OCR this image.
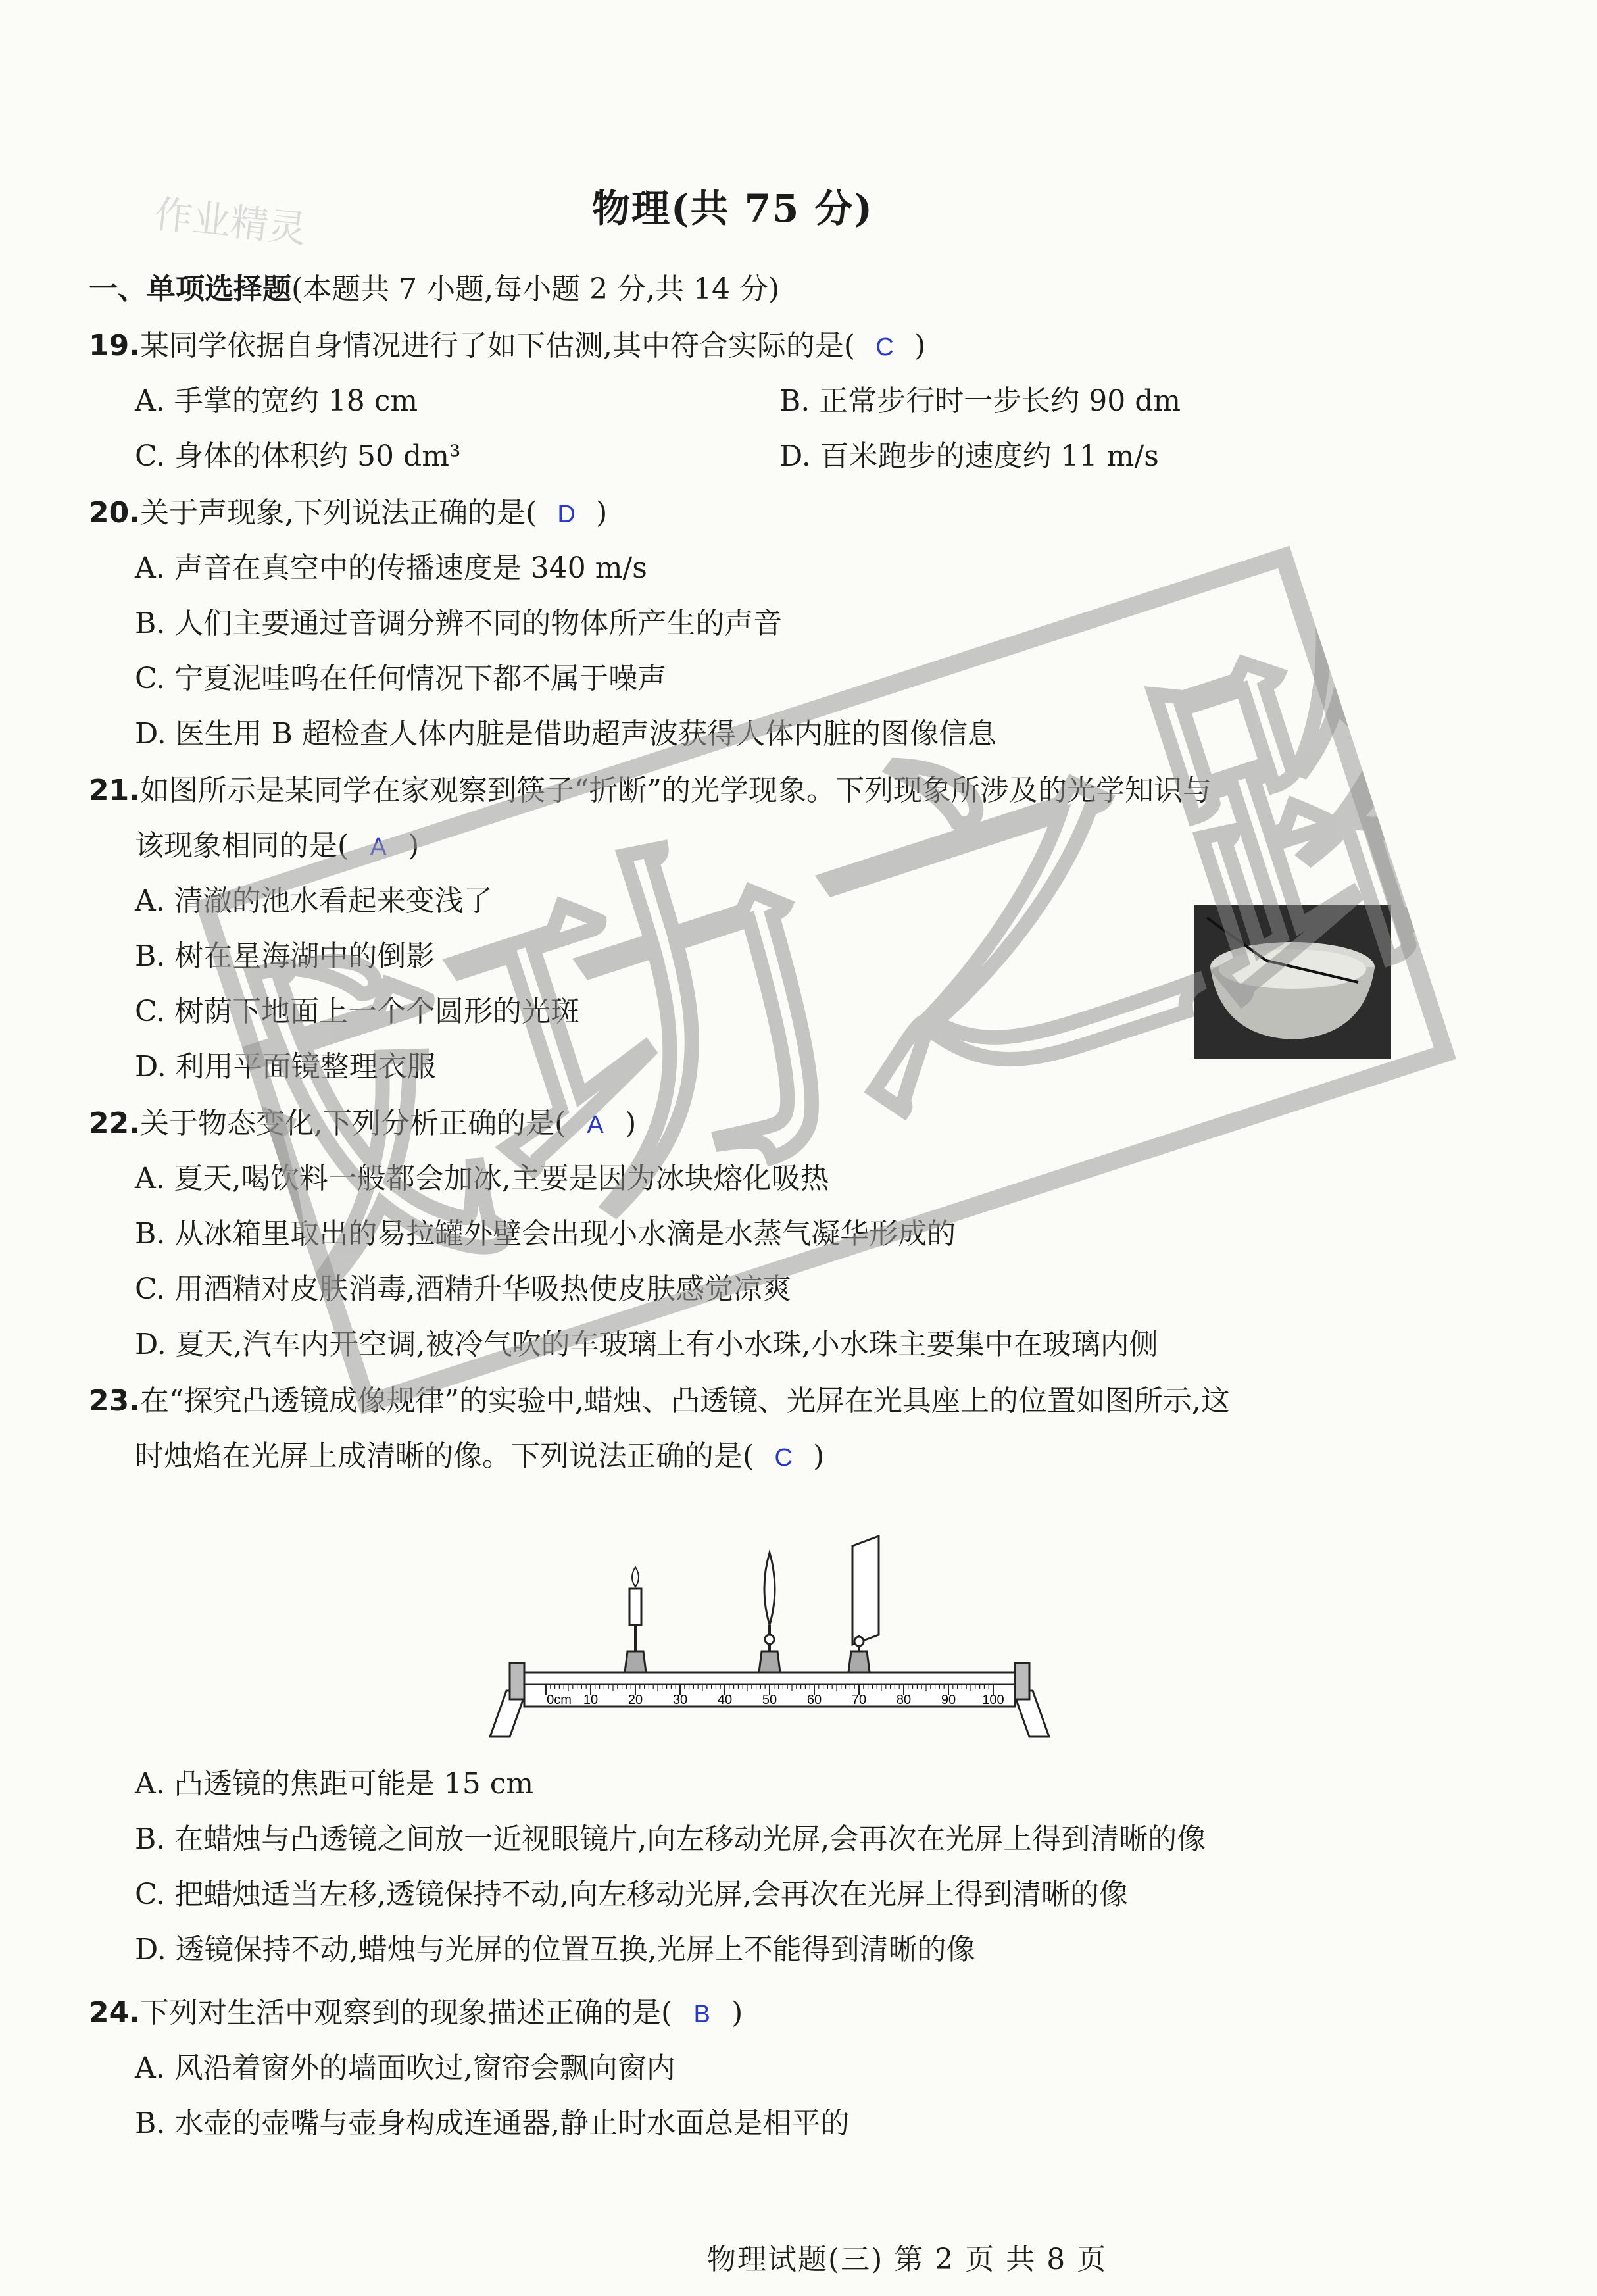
作业精灵	物理(共 75 分)
一、单项选择题(本题共 7 小题,每小题 2 分,共 14 分)
19.某同学依据自身情况进行了如下估测,其中符合实际的是( C )
A. 手掌的宽约 18 cm	B. 正常步行时一步长约 90 dm
C. 身体的体积约 50 dm³	D. 百米跑步的速度约 11 m/s
20.关于声现象,下列说法正确的是( D )
A. 声音在真空中的传播速度是 340 m/s
B. 人们主要通过音调分辨不同的物体所产生的声音
C. 宁夏泥哇呜在任何情况下都不属于噪声
D. 医生用 B 超检查人体内脏是借助超声波获得人体内脏的图像信息
21.如图所示是某同学在家观察到筷子“折断”的光学现象。下列现象所涉及的光学知识与
该现象相同的是( A )
A. 清澈的池水看起来变浅了
B. 树在星海湖中的倒影
C. 树荫下地面上一个个圆形的光斑
D. 利用平面镜整理衣服
22.关于物态变化,下列分析正确的是( A )
A. 夏天,喝饮料一般都会加冰,主要是因为冰块熔化吸热
B. 从冰箱里取出的易拉罐外壁会出现小水滴是水蒸气凝华形成的
C. 用酒精对皮肤消毒,酒精升华吸热使皮肤感觉凉爽
D. 夏天,汽车内开空调,被冷气吹的车玻璃上有小水珠,小水珠主要集中在玻璃内侧
23.在“探究凸透镜成像规律”的实验中,蜡烛、凸透镜、光屏在光具座上的位置如图所示,这
时烛焰在光屏上成清晰的像。下列说法正确的是( C )
0cm 10 20 30 40 50 60 70 80 90 100
A. 凸透镜的焦距可能是 15 cm
B. 在蜡烛与凸透镜之间放一近视眼镜片,向左移动光屏,会再次在光屏上得到清晰的像
C. 把蜡烛适当左移,透镜保持不动,向左移动光屏,会再次在光屏上得到清晰的像
D. 透镜保持不动,蜡烛与光屏的位置互换,光屏上不能得到清晰的像
24.下列对生活中观察到的现象描述正确的是( B )
A. 风沿着窗外的墙面吹过,窗帘会飘向窗内
B. 水壶的壶嘴与壶身构成连通器,静止时水面总是相平的
成功之路
物理试题(三) 第 2 页 共 8 页
